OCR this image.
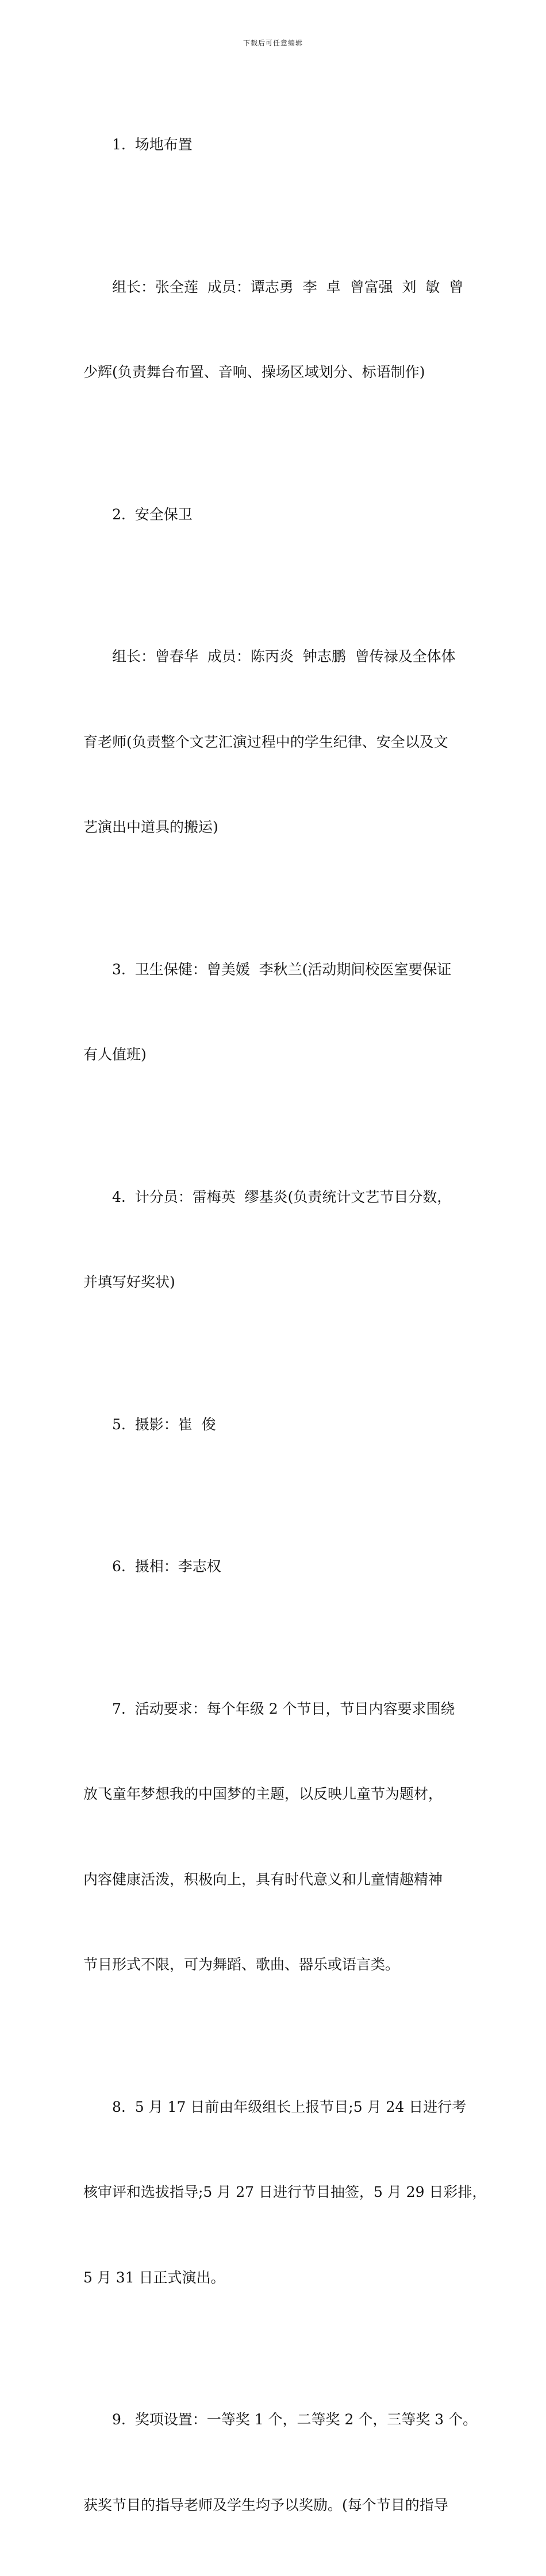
下载后可任意编辑

1.  场地布置

组长：张全莲  成员：谭志勇  李  卓  曾富强  刘  敏  曾

少辉(负责舞台布置、音响、操场区域划分、标语制作)

2.  安全保卫

组长：曾春华  成员：陈丙炎  钟志鹏  曾传禄及全体体

育老师(负责整个文艺汇演过程中的学生纪律、安全以及文

艺演出中道具的搬运)

3.  卫生保健：曾美媛  李秋兰(活动期间校医室要保证

有人值班)

4.  计分员：雷梅英  缪基炎(负责统计文艺节目分数，

并填写好奖状)

5.  摄影：崔  俊

6.  摄相：李志权

7.  活动要求：每个年级 2 个节目，节目内容要求围绕

放飞童年梦想我的中国梦的主题，以反映儿童节为题材，

内容健康活泼，积极向上，具有时代意义和儿童情趣精神

节目形式不限，可为舞蹈、歌曲、器乐或语言类。

8.  5 月 17 日前由年级组长上报节目;5 月 24 日进行考

核审评和选拔指导;5 月 27 日进行节目抽签，5 月 29 日彩排，

5 月 31 日正式演出。

9.  奖项设置：一等奖 1 个，二等奖 2 个，三等奖 3 个。

获奖节目的指导老师及学生均予以奖励。(每个节目的指导
